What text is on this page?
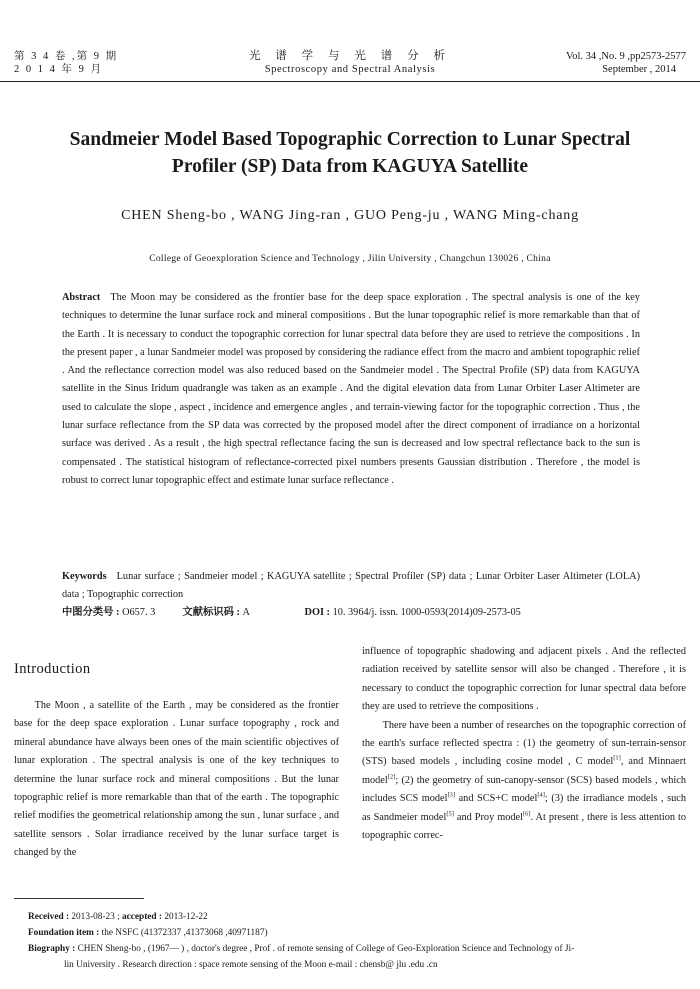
第 3 4 卷 ,第 9 期
2 0 1 4 年 9 月
光 谱 学 与 光 谱 分 析
Spectroscopy and Spectral Analysis
Vol. 34 ,No. 9 ,pp2573-2577
September , 2014
Sandmeier Model Based Topographic Correction to Lunar Spectral
Profiler (SP) Data from KAGUYA Satellite
CHEN Sheng-bo , WANG Jing-ran , GUO Peng-ju , WANG Ming-chang
College of Geoexploration Science and Technology , Jilin University , Changchun 130026 , China
Abstract The Moon may be considered as the frontier base for the deep space exploration . The spectral analysis is one of the key techniques to determine the lunar surface rock and mineral compositions . But the lunar topographic relief is more remarkable than that of the Earth . It is necessary to conduct the topographic correction for lunar spectral data before they are used to retrieve the compositions . In the present paper , a lunar Sandmeier model was proposed by considering the radiance effect from the macro and ambient topographic relief . And the reflectance correction model was also reduced based on the Sandmeier model . The Spectral Profile (SP) data from KAGUYA satellite in the Sinus Iridum quadrangle was taken as an example . And the digital elevation data from Lunar Orbiter Laser Altimeter are used to calculate the slope , aspect , incidence and emergence angles , and terrain-viewing factor for the topographic correction . Thus , the lunar surface reflectance from the SP data was corrected by the proposed model after the direct component of irradiance on a horizontal surface was derived . As a result , the high spectral reflectance facing the sun is decreased and low spectral reflectance back to the sun is compensated . The statistical histogram of reflectance-corrected pixel numbers presents Gaussian distribution . Therefore , the model is robust to correct lunar topographic effect and estimate lunar surface reflectance .
Keywords Lunar surface ; Sandmeier model ; KAGUYA satellite ; Spectral Profiler (SP) data ; Lunar Orbiter Laser Altimeter (LOLA) data ; Topographic correction
中图分类号 : O657. 3	文献标识码 : A	DOI : 10. 3964/j. issn. 1000-0593(2014)09-2573-05
Introduction

The Moon , a satellite of the Earth , may be considered as the frontier base for the deep space exploration . Lunar surface topography , rock and mineral abundance have always been ones of the main scientific objectives of lunar exploration . The spectral analysis is one of the key techniques to determine the lunar surface rock and mineral compositions . But the lunar topographic relief is more remarkable than that of the earth . The topographic relief modifies the geometrical relationship among the sun , lunar surface , and satellite sensors . Solar irradiance received by the lunar surface target is changed by the

influence of topographic shadowing and adjacent pixels . And the reflected radiation received by satellite sensor will also be changed . Therefore , it is necessary to conduct the topographic correction for lunar spectral data before they are used to retrieve the compositions .

There have been a number of researches on the topographic correction of the earth's surface reflected spectra : (1) the geometry of sun-terrain-sensor (STS) based models , including cosine model , C model[1], and Minnaert model[2]; (2) the geometry of sun-canopy-sensor (SCS) based models , which includes SCS model[3] and SCS+C model[4]; (3) the irradiance models , such as Sandmeier model[5] and Proy model[6]. At present , there is less attention to topographic correc-

Received : 2013-08-23 ; accepted : 2013-12-22
Foundation item : the NSFC (41372337 ,41373068 ,40971187)
Biography : CHEN Sheng-bo , (1967— ) , doctor's degree , Prof . of remote sensing of College of Geo-Exploration Science and Technology of Ji-
lin University . Research direction : space remote sensing of the Moon e-mail : chensb@ jlu .edu .cn
